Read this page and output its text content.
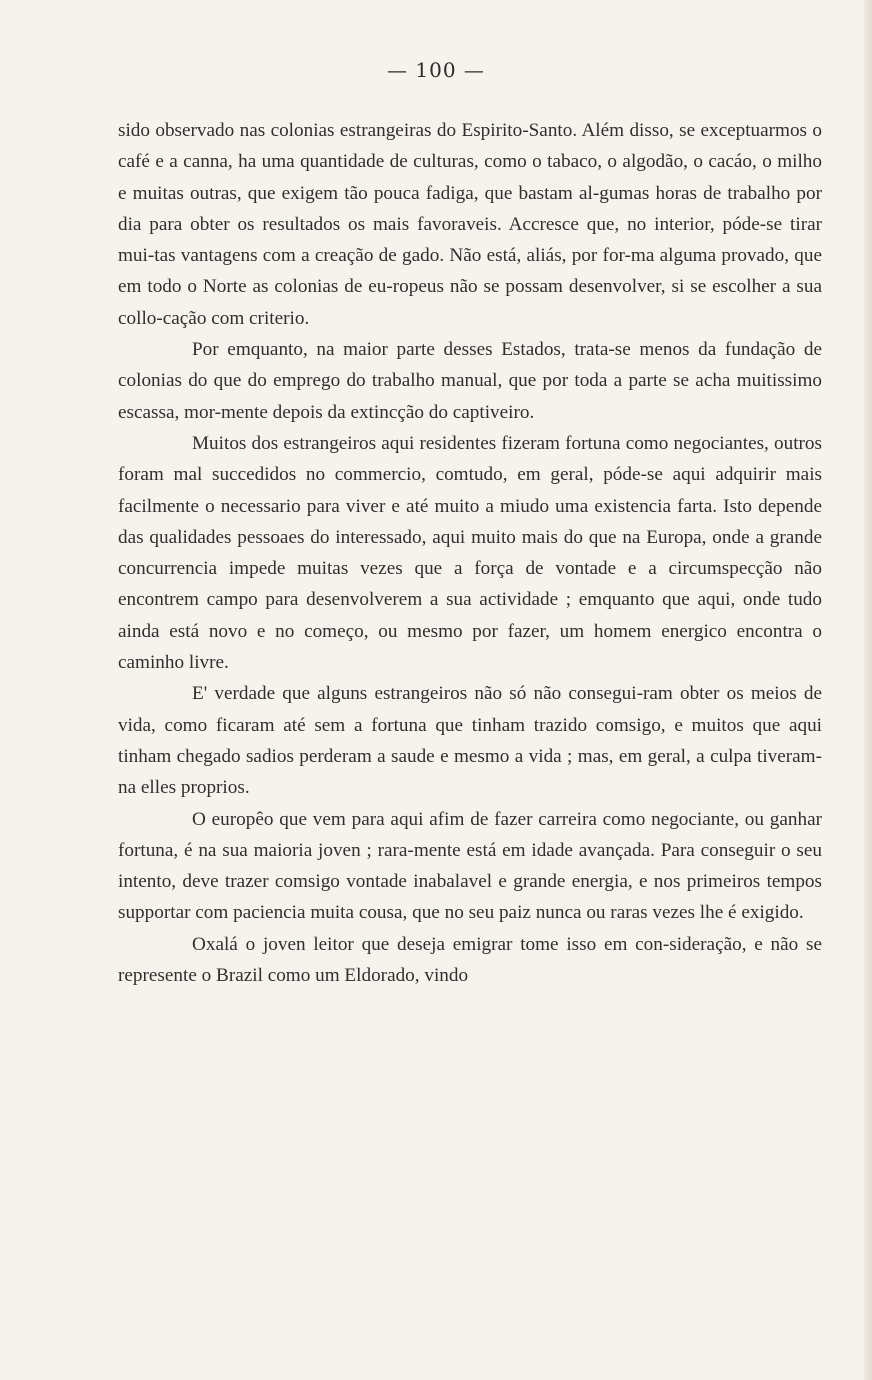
— 100 —

sido observado nas colonias estrangeiras do Espirito-Santo. Além disso, se exceptuarmos o café e a canna, ha uma quantidade de culturas, como o tabaco, o algodão, o cacáo, o milho e muitas outras, que exigem tão pouca fadiga, que bastam al-gumas horas de trabalho por dia para obter os resultados os mais favoraveis. Accresce que, no interior, póde-se tirar mui-tas vantagens com a creação de gado. Não está, aliás, por for-ma alguma provado, que em todo o Norte as colonias de eu-ropeus não se possam desenvolver, si se escolher a sua collo-cação com criterio.

Por emquanto, na maior parte desses Estados, trata-se menos da fundação de colonias do que do emprego do trabalho manual, que por toda a parte se acha muitissimo escassa, mor-mente depois da extincção do captiveiro.

Muitos dos estrangeiros aqui residentes fizeram fortuna como negociantes, outros foram mal succedidos no commercio, comtudo, em geral, póde-se aqui adquirir mais facilmente o necessario para viver e até muito a miudo uma existencia farta. Isto depende das qualidades pessoaes do interessado, aqui muito mais do que na Europa, onde a grande concurrencia impede muitas vezes que a força de vontade e a circumspecção não encontrem campo para desenvolverem a sua actividade ; emquanto que aqui, onde tudo ainda está novo e no começo, ou mesmo por fazer, um homem energico encontra o caminho livre.

E' verdade que alguns estrangeiros não só não consegui-ram obter os meios de vida, como ficaram até sem a fortuna que tinham trazido comsigo, e muitos que aqui tinham chegado sadios perderam a saude e mesmo a vida ; mas, em geral, a culpa tiveram-na elles proprios.

O europêo que vem para aqui afim de fazer carreira como negociante, ou ganhar fortuna, é na sua maioria joven ; rara-mente está em idade avançada. Para conseguir o seu intento, deve trazer comsigo vontade inabalavel e grande energia, e nos primeiros tempos supportar com paciencia muita cousa, que no seu paiz nunca ou raras vezes lhe é exigido.

Oxalá o joven leitor que deseja emigrar tome isso em con-sideração, e não se represente o Brazil como um Eldorado, vindo
